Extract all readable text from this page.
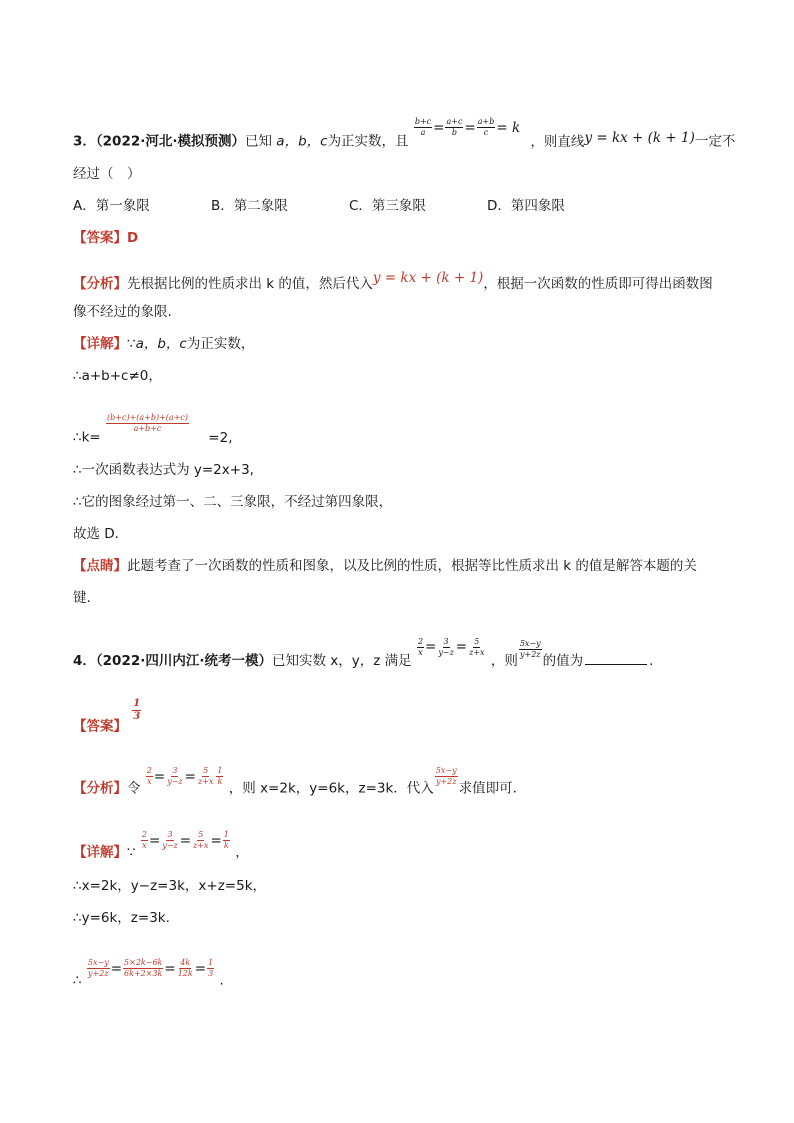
3．（2022·河北·模拟预测）已知 a，b，c为正实数，且
$\frac{b+c}{a} = \frac{a+c}{b} = \frac{a+b}{c} = k$ ，则直线y = kx + (k + 1)一定不
经过（　）
A．第一象限	B．第二象限	C．第三象限	D．第四象限
【答案】D
【分析】先根据比例的性质求出 k 的值，然后代入y = kx + (k + 1)，根据一次函数的性质即可得出函数图
像不经过的象限.
【详解】∵a，b，c为正实数，
∴a+b+c≠0，
∴k=
$\frac{(b+c)+(a+b)+(a+c)}{a+b+c}$
=2,
∴一次函数表达式为 y=2x+3,
∴它的图象经过第一、二、三象限，不经过第四象限，
故选 D.
【点睛】此题考查了一次函数的性质和图象，以及比例的性质，根据等比性质求出 k 的值是解答本题的关
键.
4．（2022·四川内江·统考一模）已知实数 x，y，z 满足
$\frac{2}{x} = \frac{3}{y-z} = \frac{5}{z+x}$
，则
$\frac{5x-y}{y+2z}$
的值为	.
【答案】
$\frac{1}{3}$
【分析】令
$\frac{2}{x} = \frac{3}{y-z} = \frac{5}{z+x} \frac{1}{k}$
，则 x=2k，y=6k，z=3k．代入
$\frac{5x-y}{y+2z}$
求值即可．
【详解】∵
$\frac{2}{x} = \frac{3}{y-z} = \frac{5}{z+x} = \frac{1}{k}$
，
∴x=2k，y−z=3k，x+z=5k，
∴y=6k，z=3k.
∴
$\frac{5x-y}{y+2z} = \frac{5\times 2k-6k}{6k+2\times 3k} = \frac{4k}{12k} = \frac{1}{3}$
.
